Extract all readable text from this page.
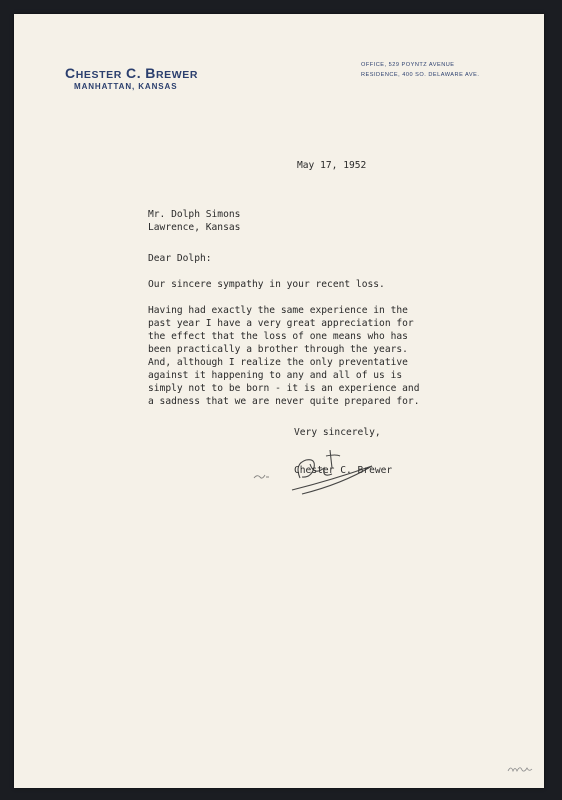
CHESTER C. BREWER
MANHATTAN, KANSAS
OFFICE, 529 POYNTZ AVENUE
RESIDENCE, 400 SO. DELAWARE AVE.
May 17, 1952
Mr. Dolph Simons
Lawrence, Kansas
Dear Dolph:
Our sincere sympathy in your recent loss.
Having had exactly the same experience in the
past year I have a very great appreciation for
the effect that the loss of one means who has
been practically a brother through the years.
And, although I realize the only preventative
against it happening to any and all of us is
simply not to be born - it is an experience and
a sadness that we are never quite prepared for.
Very sincerely,
Chester C. Brewer
